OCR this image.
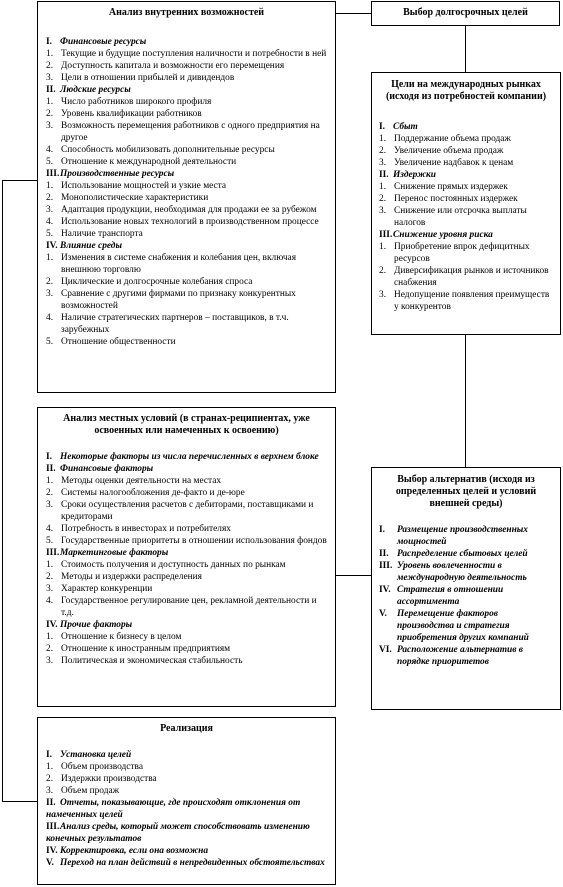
Анализ внутренних возможностей
I. Финансовые ресурсы
1. Текущие и будущие поступления наличности и потребности в ней
2. Доступность капитала и возможности его перемещения
3. Цели в отношении прибылей и дивидендов
II. Людские ресурсы
1. Число работников широкого профиля
2. Уровень квалификации работников
3. Возможность перемещения работников с одного предприятия на другое
4. Способность мобилизовать дополнительные ресурсы
5. Отношение к международной деятельности
III.Производственные ресурсы
1. Использование мощностей и узкие места
2. Монополистические характеристики
3. Адаптация продукции, необходимая для продажи ее за рубежом
4. Использование новых технологий в производственном процессе
5. Наличие транспорта
IV. Влияние среды
1. Изменения в системе снабжения и колебания цен, включая внешнюю торговлю
2. Циклические и долгосрочные колебания спроса
3. Сравнение с другими фирмами по признаку конкурентных возможностей
4. Наличие стратегических партнеров – поставщиков, в т.ч. зарубежных
5. Отношение общественности
Выбор долгосрочных целей
Цели на международных рынках (исходя из потребностей компании)
I. Сбыт
1. Поддержание объема продаж
2. Увеличение объема продаж
3. Увеличение надбавок к ценам
II. Издержки
1. Снижение прямых издержек
2. Перенос постоянных издержек
3. Снижение или отсрочка выплаты налогов
III.Снижение уровня риска
1. Приобретение впрок дефицитных ресурсов
2. Диверсификация рынков и источников снабжения
3. Недопущение появления преимуществ у конкурентов
Анализ местных условий (в странах-реципиентах, уже освоенных или намеченных к освоению)
I. Некоторые факторы из числа перечисленных в верхнем блоке
II. Финансовые факторы
1. Методы оценки деятельности на местах
2. Системы налогообложения де-факто и де-юре
3. Сроки осуществления расчетов с дебиторами, поставщиками и кредиторами
4. Потребность в инвесторах и потребителях
5. Государственные приоритеты в отношении использования фондов
III.Маркетинговые факторы
1. Стоимость получения и доступность данных по рынкам
2. Методы и издержки распределения
3. Характер конкуренции
4. Государственное регулирование цен, рекламной деятельности и т.д.
IV. Прочие факторы
1. Отношение к бизнесу в целом
2. Отношение к иностранным предприятиям
3. Политическая и экономическая стабильность
Выбор альтернатив (исходя из определенных целей и условий внешней среды)
I. Размещение производственных мощностей
II. Распределение сбытовых целей
III. Уровень вовлеченности в международную деятельность
IV. Стратегия в отношении ассортимента
V. Перемещение факторов производства и стратегия приобретения других компаний
VI. Расположение альтернатив в порядке приоритетов
Реализация
I. Установка целей
1. Объем производства
2. Издержки производства
3. Объем продаж
II. Отчеты, показывающие, где происходят отклонения от намеченных целей
III.Анализ среды, который может способствовать изменению конечных результатов
IV. Корректировка, если она возможна
V. Переход на план действий в непредвиденных обстоятельствах
